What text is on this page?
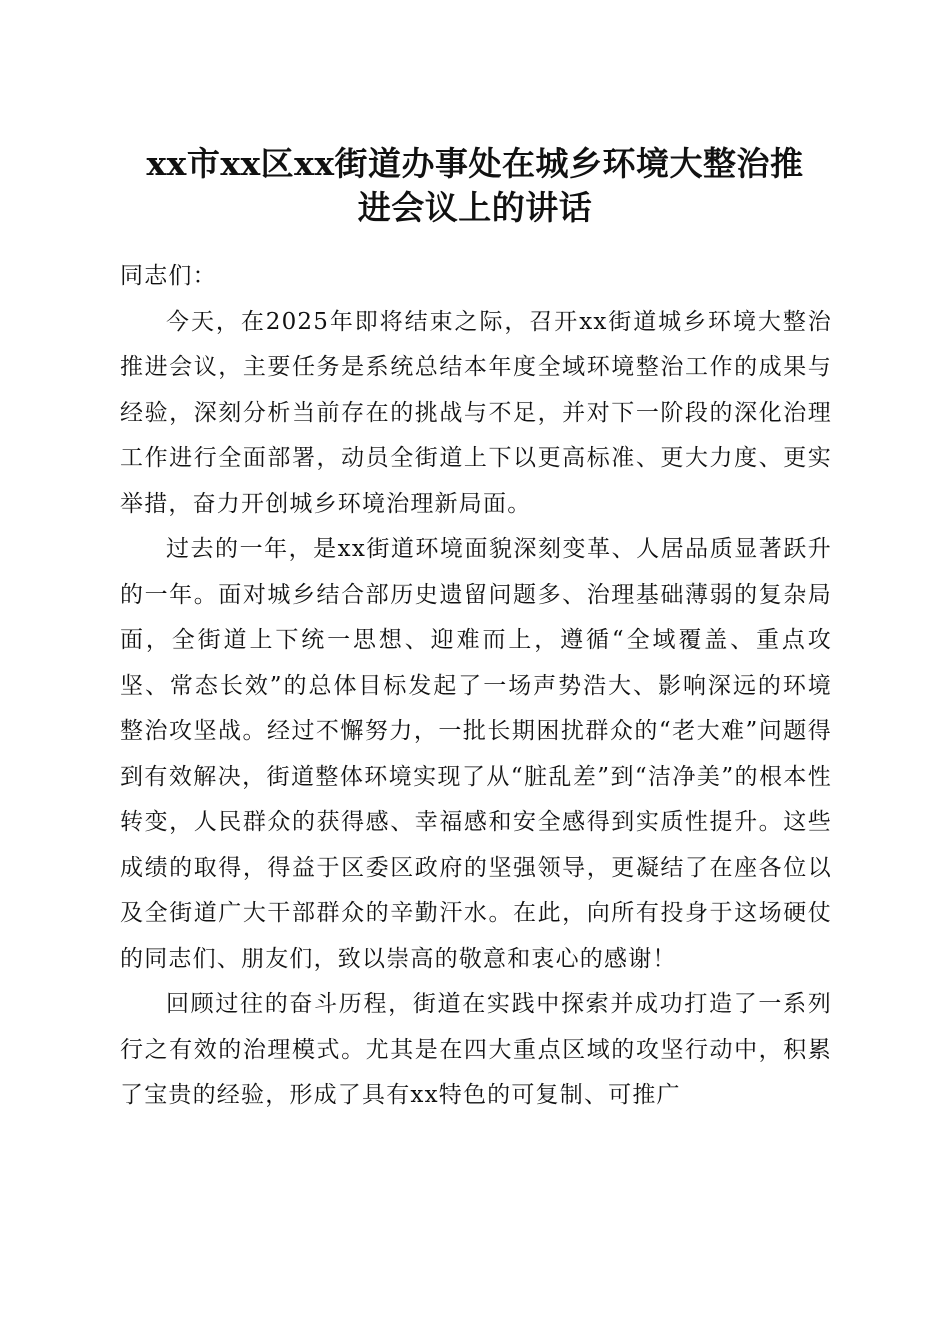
xx市xx区xx街道办事处在城乡环境大整治推
进会议上的讲话

同志们：

今天，在2025年即将结束之际，召开xx街道城乡环境大整治推进会议，主要任务是系统总结本年度全域环境整治工作的成果与经验，深刻分析当前存在的挑战与不足，并对下一阶段的深化治理工作进行全面部署，动员全街道上下以更高标准、更大力度、更实举措，奋力开创城乡环境治理新局面。

过去的一年，是xx街道环境面貌深刻变革、人居品质显著跃升的一年。面对城乡结合部历史遗留问题多、治理基础薄弱的复杂局面，全街道上下统一思想、迎难而上，遵循“全域覆盖、重点攻坚、常态长效”的总体目标发起了一场声势浩大、影响深远的环境整治攻坚战。经过不懈努力，一批长期困扰群众的“老大难”问题得到有效解决，街道整体环境实现了从“脏乱差”到“洁净美”的根本性转变，人民群众的获得感、幸福感和安全感得到实质性提升。这些成绩的取得，得益于区委区政府的坚强领导，更凝结了在座各位以及全街道广大干部群众的辛勤汗水。在此，向所有投身于这场硬仗的同志们、朋友们，致以崇高的敬意和衷心的感谢！

回顾过往的奋斗历程，街道在实践中探索并成功打造了一系列行之有效的治理模式。尤其是在四大重点区域的攻坚行动中，积累了宝贵的经验，形成了具有xx特色的可复制、可推广
